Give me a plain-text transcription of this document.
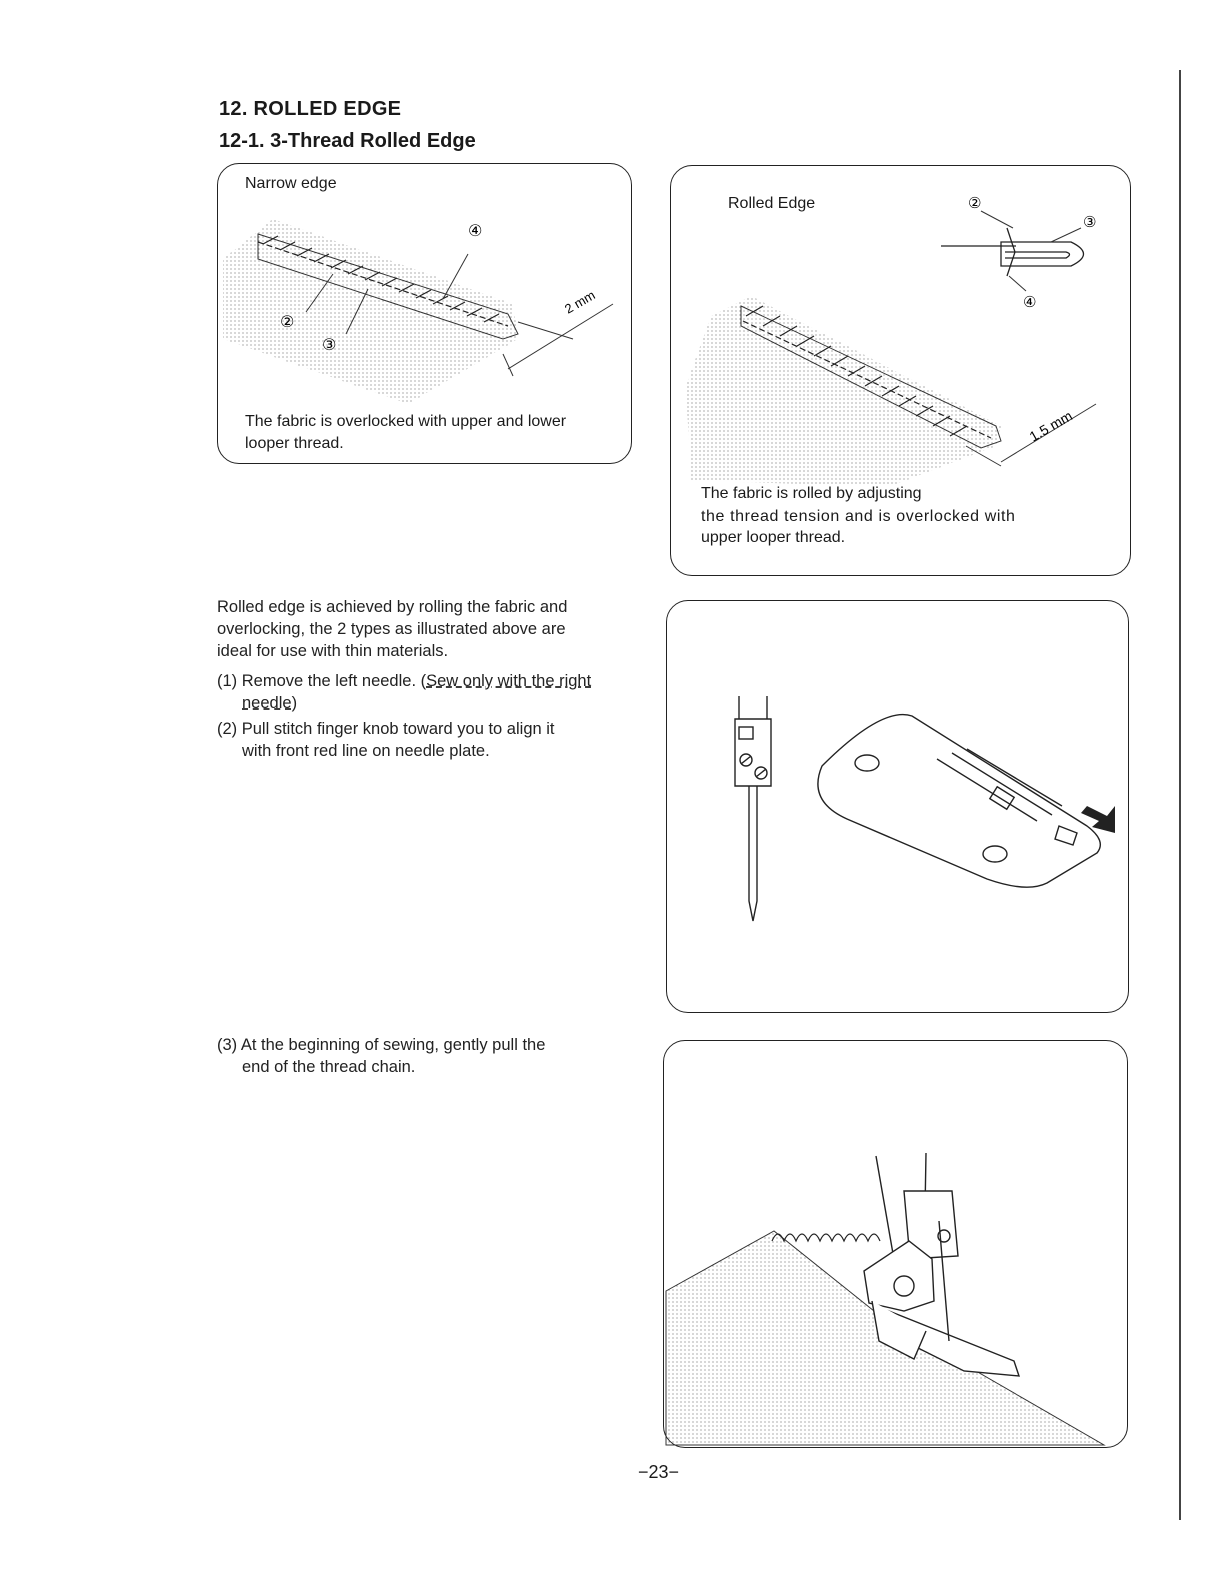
12. ROLLED EDGE
12-1. 3-Thread Rolled Edge
Narrow edge
④
②
③
2 mm
The fabric is overlocked with upper and lower
looper thread.
Rolled Edge	②
③
④
1.5 mm
The fabric is rolled by adjusting
the thread tension and is overlocked with
upper looper thread.
Rolled edge is achieved by rolling the fabric and
overlocking, the 2 types as illustrated above are
ideal for use with thin materials.
(1) Remove the left needle. (Sew only with the right
needle)
(2) Pull stitch finger knob toward you to align it
with front red line on needle plate.
(3) At the beginning of sewing, gently pull the
end of the thread chain.
−23−
